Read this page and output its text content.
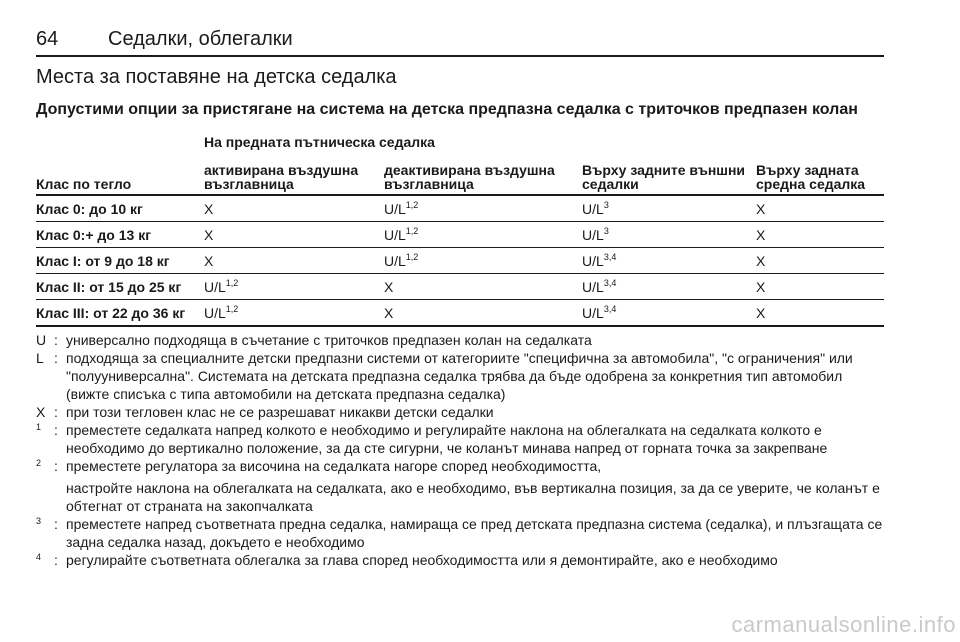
64 Седалки, облегалки
Места за поставяне на детска седалка
Допустими опции за пристягане на система на детска предпазна седалка с триточков предпазен колан
Клас по тегло	На предната пътническа седалка			
	активирана въздушна възглавница	деактивирана въздушна възглавница	Върху задните външни седалки	Върху задната средна седалка
Клас 0: до 10 кг	X	$U/L^{1,2}$	$U/L^3$	X
Клас 0:+ до 13 кг	X	$U/L^{1,2}$	$U/L^3$	X
Клас I: от 9 до 18 кг	X	$U/L^{1,2}$	$U/L^{3,4}$	X
Клас II: от 15 до 25 кг	$U/L^{1,2}$	X	$U/L^{3,4}$	X
Клас III: от 22 до 36 кг	$U/L^{1,2}$	X	$U/L^{3,4}$	X
U : универсално подходяща в съчетание с триточков предпазен колан на седалката
L : подходяща за специалните детски предпазни системи от категориите "специфична за автомобила", "с ограничения" или "полууниверсална". Системата на детската предпазна седалка трябва да бъде одобрена за конкретния тип автомобил (вижте списъка с типа автомобили на детската предпазна седалка)
X : при този тегловен клас не се разрешават никакви детски седалки
1 : преместете седалката напред колкото е необходимо и регулирайте наклона на облегалката на седалката колкото е необходимо до вертикално положение, за да сте сигурни, че коланът минава напред от горната точка за закрепване
2 : преместете регулатора за височина на седалката нагоре според необходимостта,
настройте наклона на облегалката на седалката, ако е необходимо, във вертикална позиция, за да се уверите, че коланът е обтегнат от страната на закопчалката
3 : преместете напред съответната предна седалка, намираща се пред детската предпазна система (седалка), и плъзгащата се задна седалка назад, докъдето е необходимо
4 : регулирайте съответната облегалка за глава според необходимостта или я демонтирайте, ако е необходимо
carmanualsonline.info
